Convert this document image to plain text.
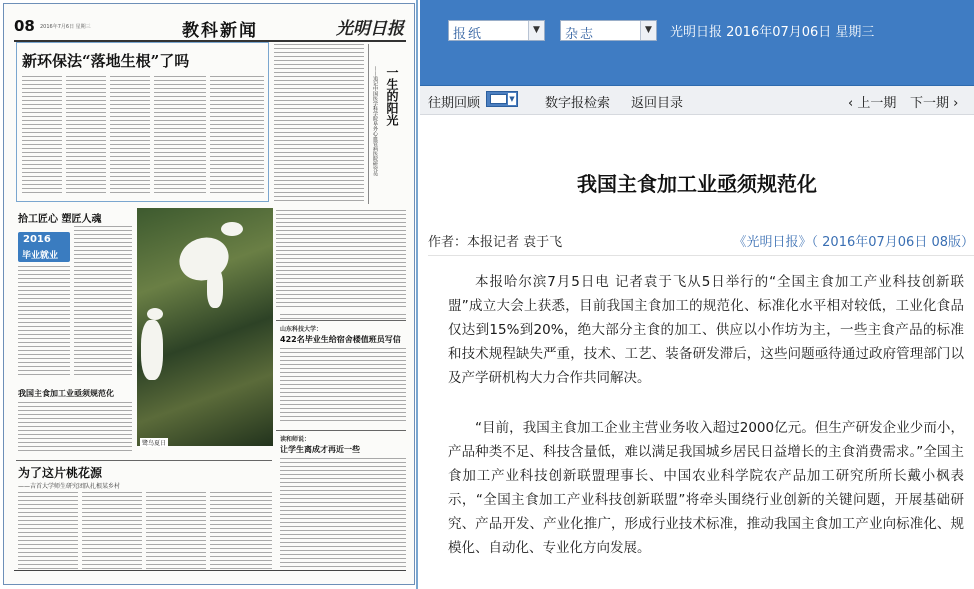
08 2016年7月6日 星期三	教科新闻	光明日报
新环保法“落地生根”了吗
一生的阳光
——追记中国医学科学院阜外心血管病医院研究员
拾工匠心 塑匠人魂
2016
毕业就业
鹭鸟夏日
山东科技大学：
422名毕业生给宿舍楼值班员写信
读和师说：
让学生离成才再近一些
我国主食加工业亟须规范化
为了这片桃花源
——吉首大学师生研究团队扎根某乡村
报纸	▼	杂志	▼	光明日报 2016年07月06日 星期三
往期回顾	▼ 数字报检索 返回目录	‹ 上一期 下一期 ›
我国主食加工业亟须规范化
作者：本报记者 袁于飞	《光明日报》（ 2016年07月06日 08版）

本报哈尔滨7月5日电 记者袁于飞从5日举行的“全国主食加工产业科技创新联盟”成立大会上获悉，目前我国主食加工的规范化、标准化水平相对较低，工业化食品仅达到15%到20%，绝大部分主食的加工、供应以小作坊为主，一些主食产品的标准和技术规程缺失严重，技术、工艺、装备研发滞后，这些问题亟待通过政府管理部门以及产学研机构大力合作共同解决。

“目前，我国主食加工企业主营业务收入超过2000亿元。但生产研发企业少而小，产品种类不足、科技含量低，难以满足我国城乡居民日益增长的主食消费需求。”全国主食加工产业科技创新联盟理事长、中国农业科学院农产品加工研究所所长戴小枫表示，“全国主食加工产业科技创新联盟”将牵头围绕行业创新的关键问题，开展基础研究、产品开发、产业化推广，形成行业技术标准，推动我国主食加工产业向标准化、规模化、自动化、专业化方向发展。
